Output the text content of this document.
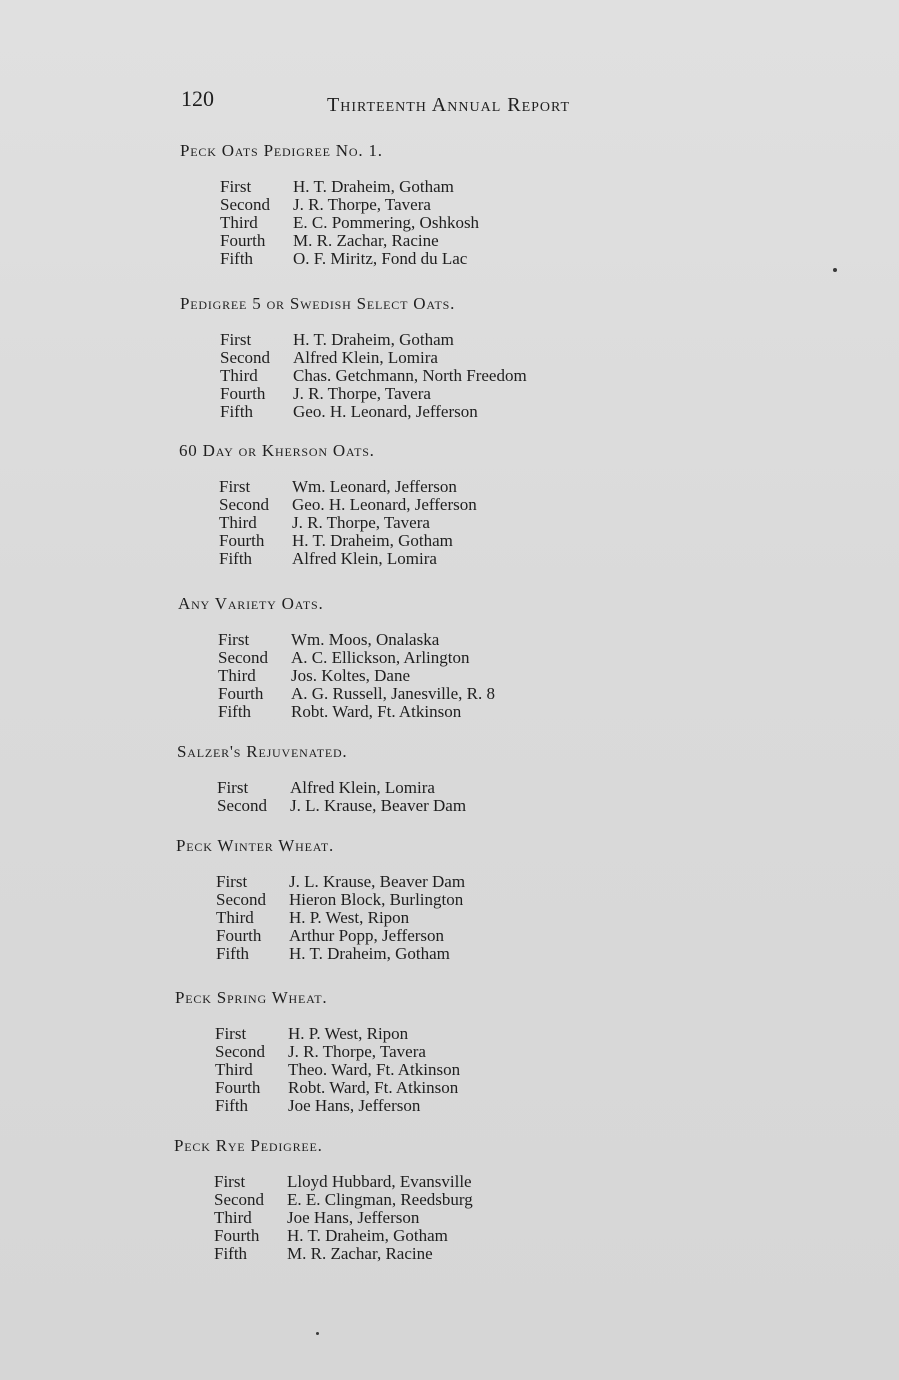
120	Thirteenth Annual Report
Peck Oats Pedigree No. 1.
First H. T. Draheim, Gotham
Second J. R. Thorpe, Tavera
Third E. C. Pommering, Oshkosh
Fourth M. R. Zachar, Racine
Fifth O. F. Miritz, Fond du Lac
Pedigree 5 or Swedish Select Oats.
First H. T. Draheim, Gotham
Second Alfred Klein, Lomira
Third Chas. Getchmann, North Freedom
Fourth J. R. Thorpe, Tavera
Fifth Geo. H. Leonard, Jefferson
60 Day or Kherson Oats.
First Wm. Leonard, Jefferson
Second Geo. H. Leonard, Jefferson
Third J. R. Thorpe, Tavera
Fourth H. T. Draheim, Gotham
Fifth Alfred Klein, Lomira
Any Variety Oats.
First Wm. Moos, Onalaska
Second A. C. Ellickson, Arlington
Third Jos. Koltes, Dane
Fourth A. G. Russell, Janesville, R. 8
Fifth Robt. Ward, Ft. Atkinson
Salzer's Rejuvenated.
First Alfred Klein, Lomira
Second J. L. Krause, Beaver Dam
Peck Winter Wheat.
First J. L. Krause, Beaver Dam
Second Hieron Block, Burlington
Third H. P. West, Ripon
Fourth Arthur Popp, Jefferson
Fifth H. T. Draheim, Gotham
Peck Spring Wheat.
First H. P. West, Ripon
Second J. R. Thorpe, Tavera
Third Theo. Ward, Ft. Atkinson
Fourth Robt. Ward, Ft. Atkinson
Fifth Joe Hans, Jefferson
Peck Rye Pedigree.
First Lloyd Hubbard, Evansville
Second E. E. Clingman, Reedsburg
Third Joe Hans, Jefferson
Fourth H. T. Draheim, Gotham
Fifth M. R. Zachar, Racine
